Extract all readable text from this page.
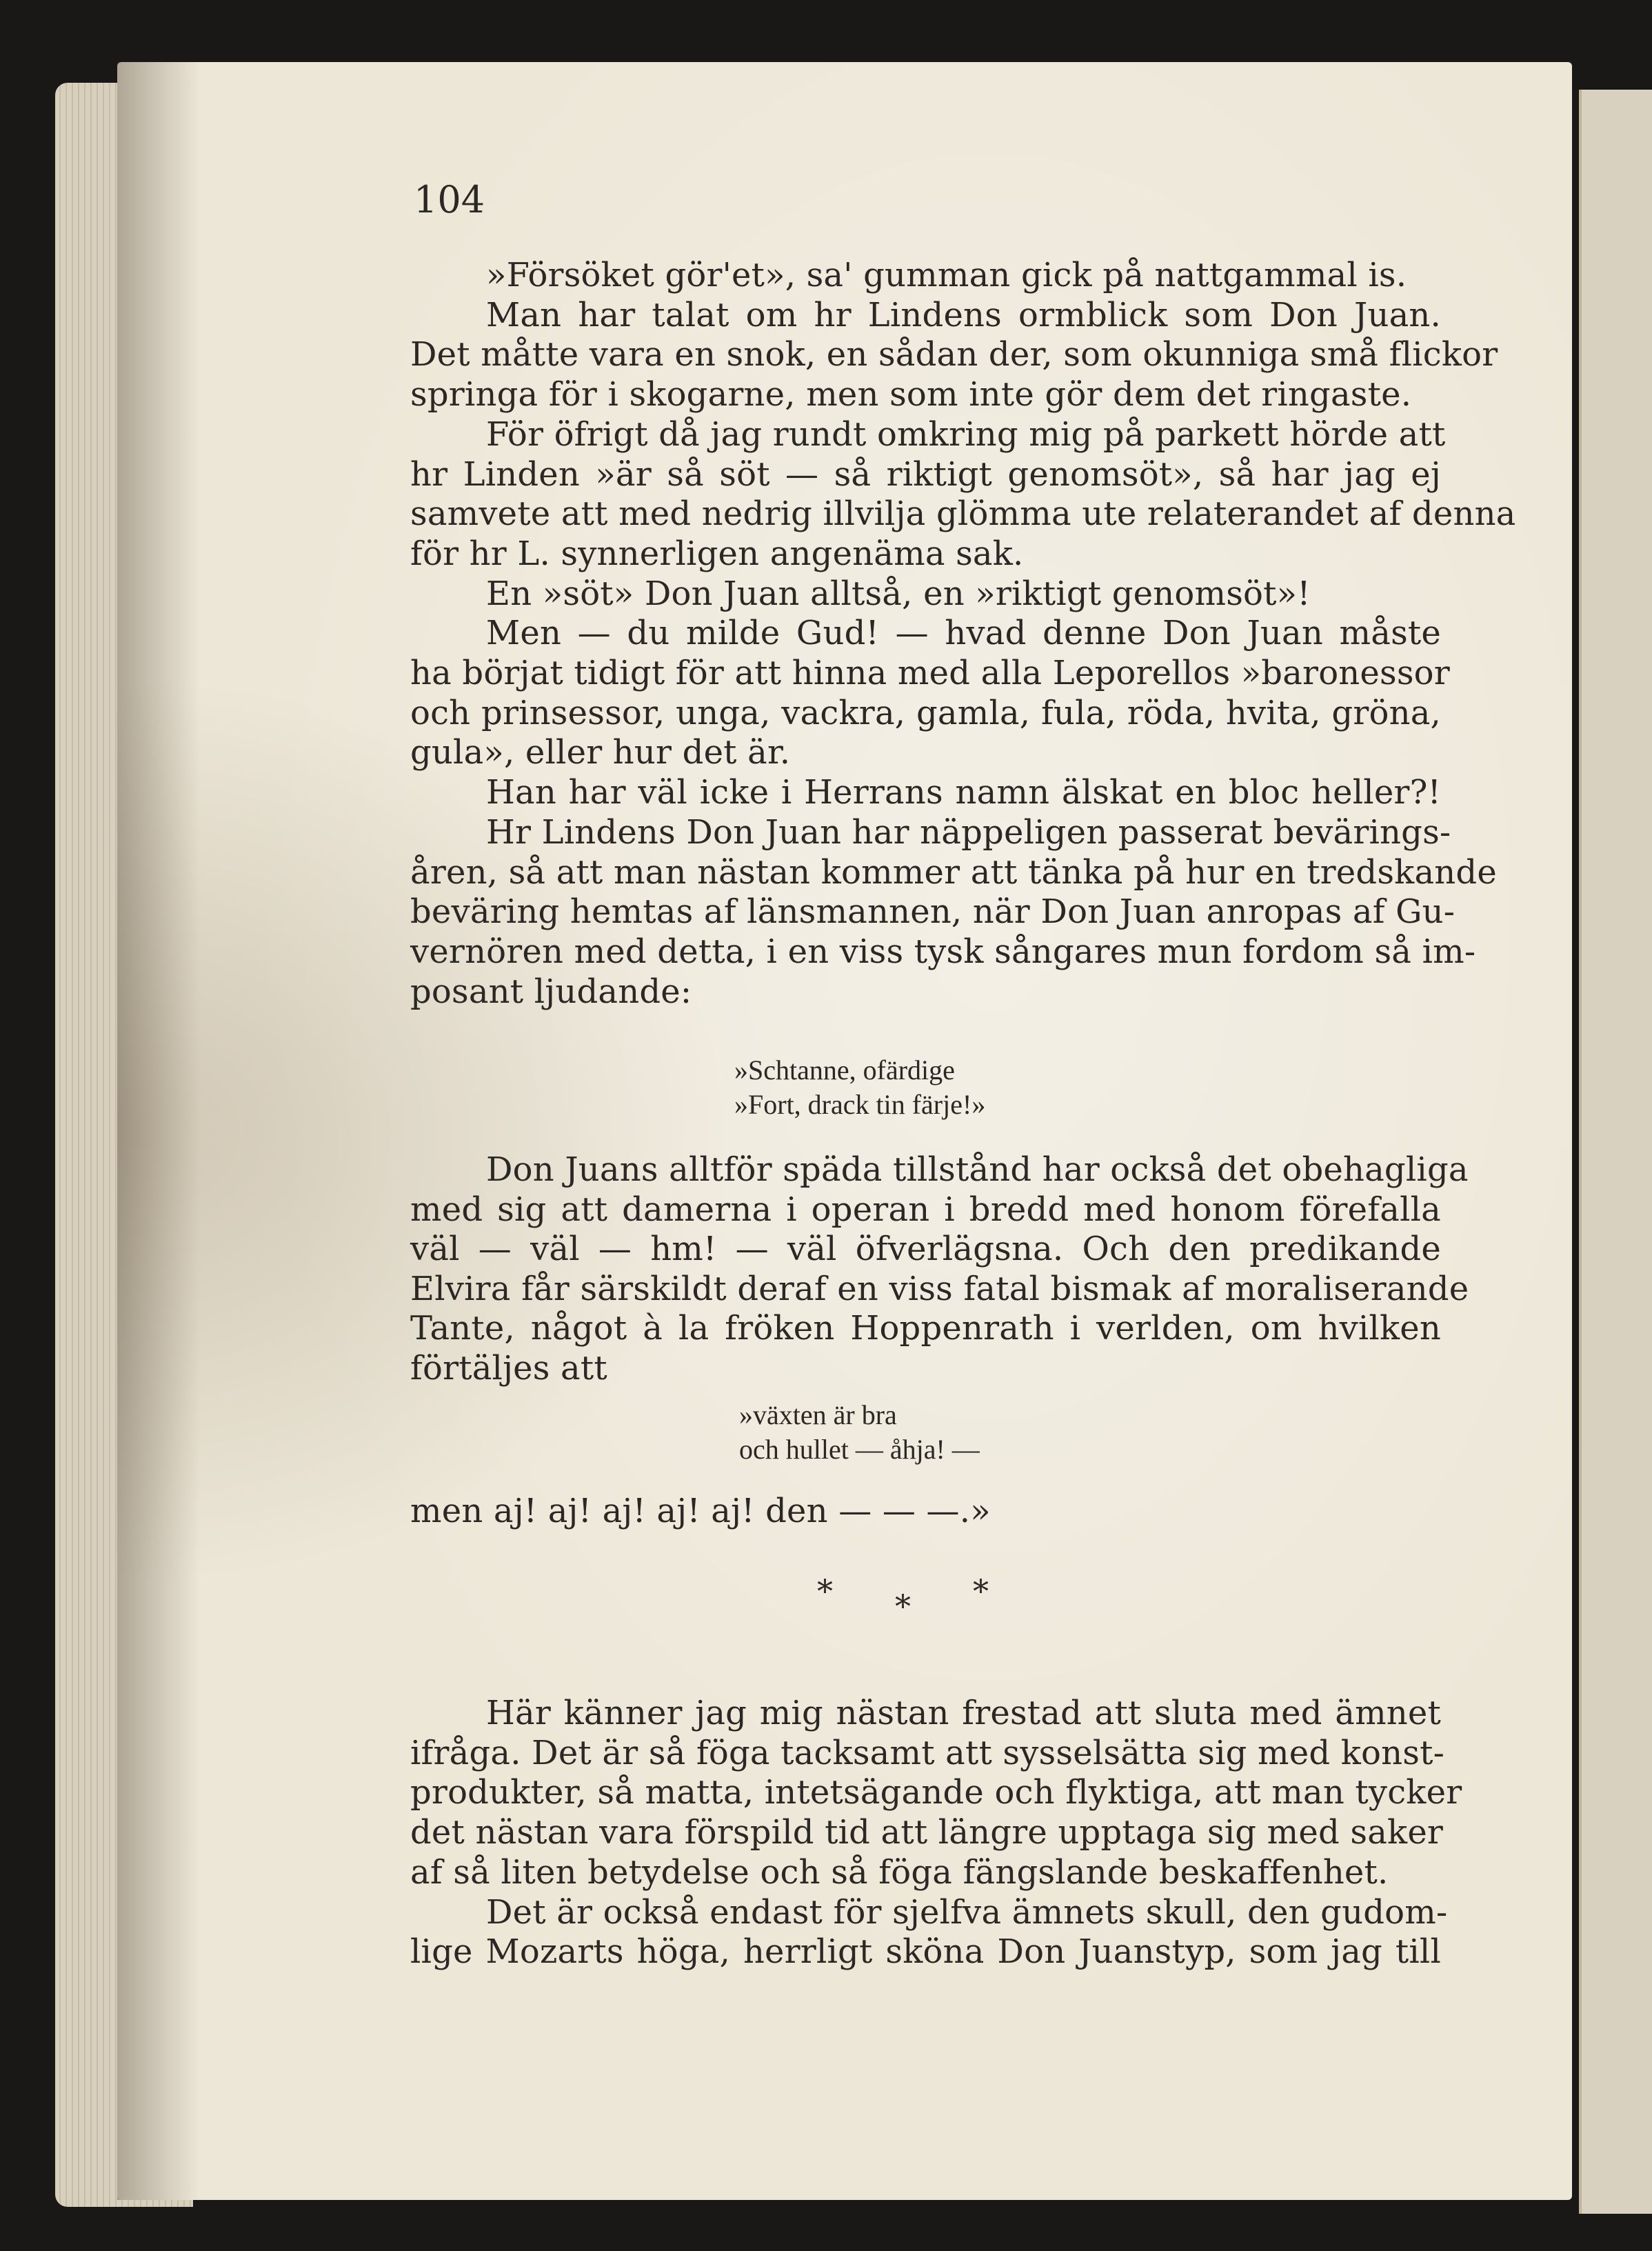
104
»Försöket gör'et», sa' gumman gick på nattgammal is.
Man har talat om hr Lindens ormblick som Don Juan.
Det måtte vara en snok, en sådan der, som okunniga små flickor
springa för i skogarne, men som inte gör dem det ringaste.
För öfrigt då jag rundt omkring mig på parkett hörde att
hr Linden »är så söt — så riktigt genomsöt», så har jag ej
samvete att med nedrig illvilja glömma ute relaterandet af denna
för hr L. synnerligen angenäma sak.
En »söt» Don Juan alltså, en »riktigt genomsöt»!
Men — du milde Gud! — hvad denne Don Juan måste
ha börjat tidigt för att hinna med alla Leporellos »baronessor
och prinsessor, unga, vackra, gamla, fula, röda, hvita, gröna,
gula», eller hur det är.
Han har väl icke i Herrans namn älskat en bloc heller?!
Hr Lindens Don Juan har näppeligen passerat bevärings-
åren, så att man nästan kommer att tänka på hur en tredskande
beväring hemtas af länsmannen, när Don Juan anropas af Gu-
vernören med detta, i en viss tysk sångares mun fordom så im-
posant ljudande:
»Schtanne, ofärdige
»Fort, drack tin färje!»
Don Juans alltför späda tillstånd har också det obehagliga
med sig att damerna i operan i bredd med honom förefalla
väl — väl — hm! — väl öfverlägsna. Och den predikande
Elvira får särskildt deraf en viss fatal bismak af moraliserande
Tante, något à la fröken Hoppenrath i verlden, om hvilken
förtäljes att
»växten är bra
och hullet — åhja! —
men aj! aj! aj! aj! aj! den — — —.»
***
Här känner jag mig nästan frestad att sluta med ämnet
ifråga. Det är så föga tacksamt att sysselsätta sig med konst-
produkter, så matta, intetsägande och flyktiga, att man tycker
det nästan vara förspild tid att längre upptaga sig med saker
af så liten betydelse och så föga fängslande beskaffenhet.
Det är också endast för sjelfva ämnets skull, den gudom-
lige Mozarts höga, herrligt sköna Don Juanstyp, som jag till
